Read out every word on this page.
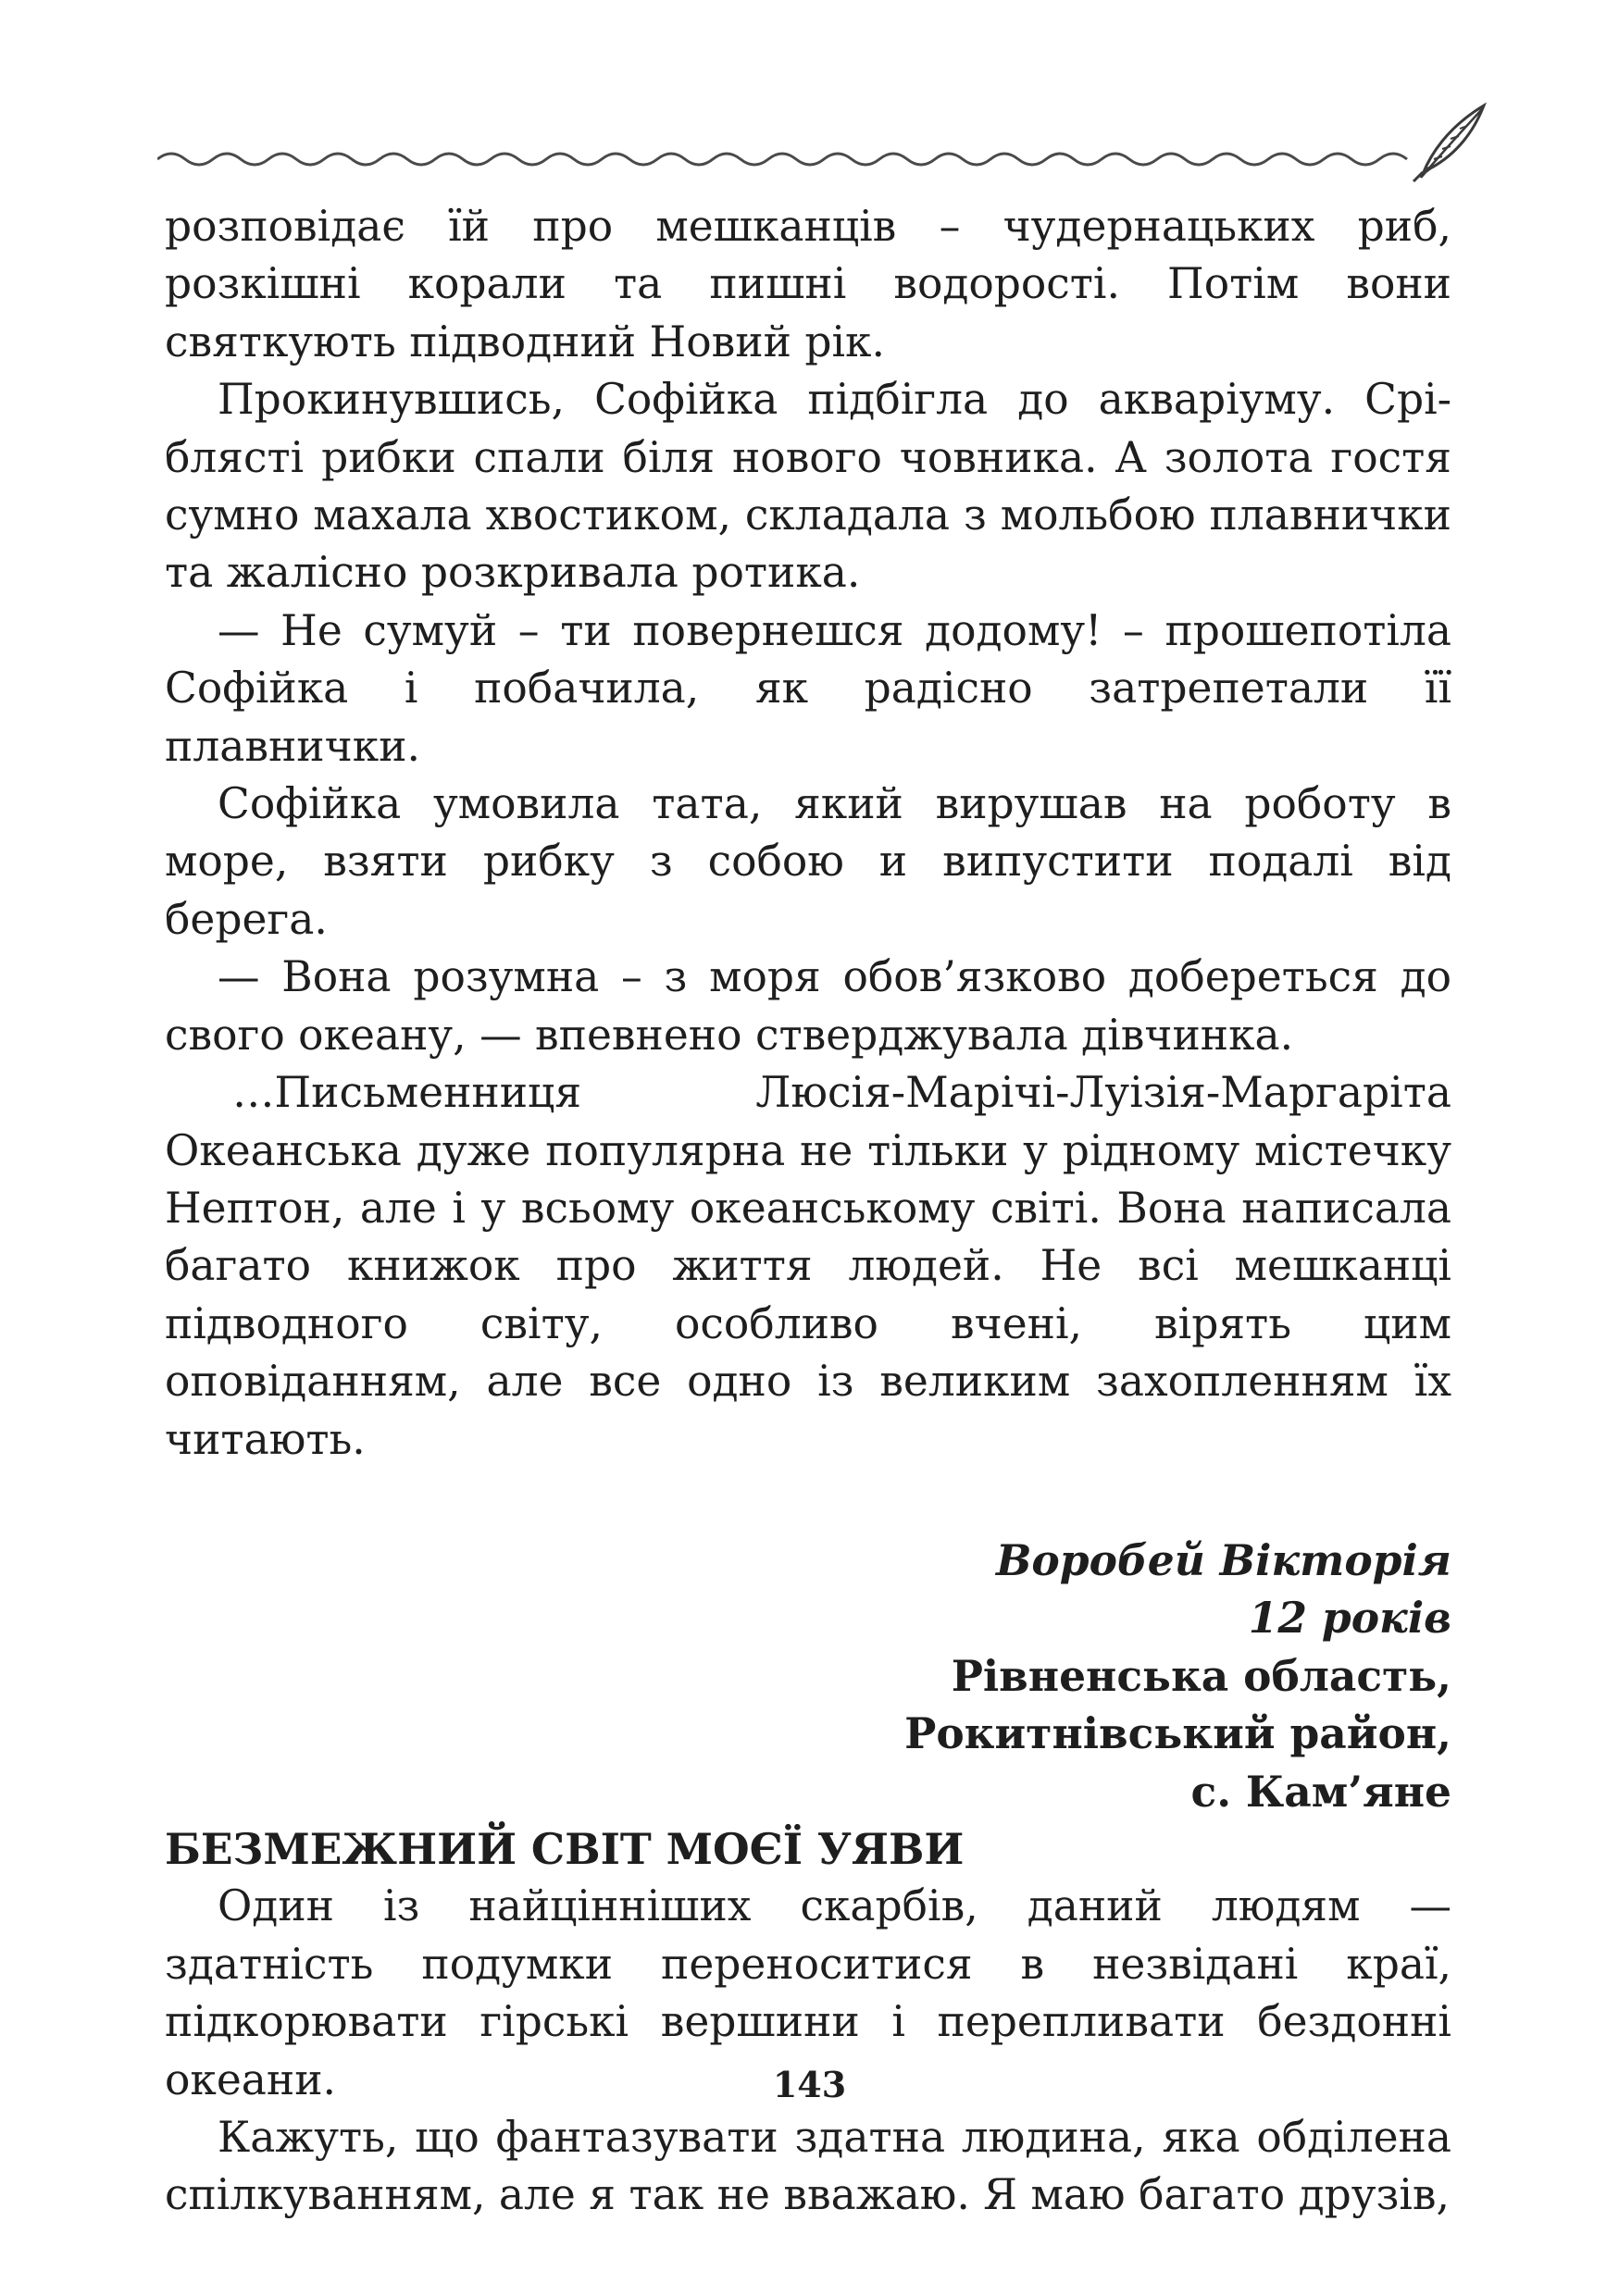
розповідає їй про мешканців – чудернацьких риб, розкішні корали та пишні водорості. Потім вони святкують підводний Новий рік.

Прокинувшись, Софійка підбігла до акваріуму. Сріблясті рибки спали біля нового човника. А золота гостя сумно махала хвостиком, складала з мольбою плавнички та жалісно розкривала ротика.

— Не сумуй – ти повернешся додому! – прошепотіла Софійка і побачила, як радісно затрепетали її плавнички.

Софійка умовила тата, який вирушав на роботу в море, взяти рибку з собою и випустити подалі від берега.

— Вона розумна – з моря обов’язково добереться до свого океану, — впевнено стверджувала дівчинка.

…Письменниця Люсія-Марічі-Луізія-Маргаріта Океанська дуже популярна не тільки у рідному містечку Нептон, але і у всьому океанському світі. Вона написала багато книжок про життя людей. Не всі мешканці підводного світу, особливо вчені, вірять цим оповіданням, але все одно із великим захопленням їх читають.

Воробей Вікторія
12 років
Рівненська область,
Рокитнівський район,
с. Кам’яне

БЕЗМЕЖНИЙ СВІТ МОЄЇ УЯВИ

Один із найцінніших скарбів, даний людям — здатність подумки переноситися в незвідані краї, підкорювати гірські вершини і перепливати бездонні океани.

Кажуть, що фантазувати здатна людина, яка обділена спілкуванням, але я так не вважаю. Я маю багато друзів,

143
